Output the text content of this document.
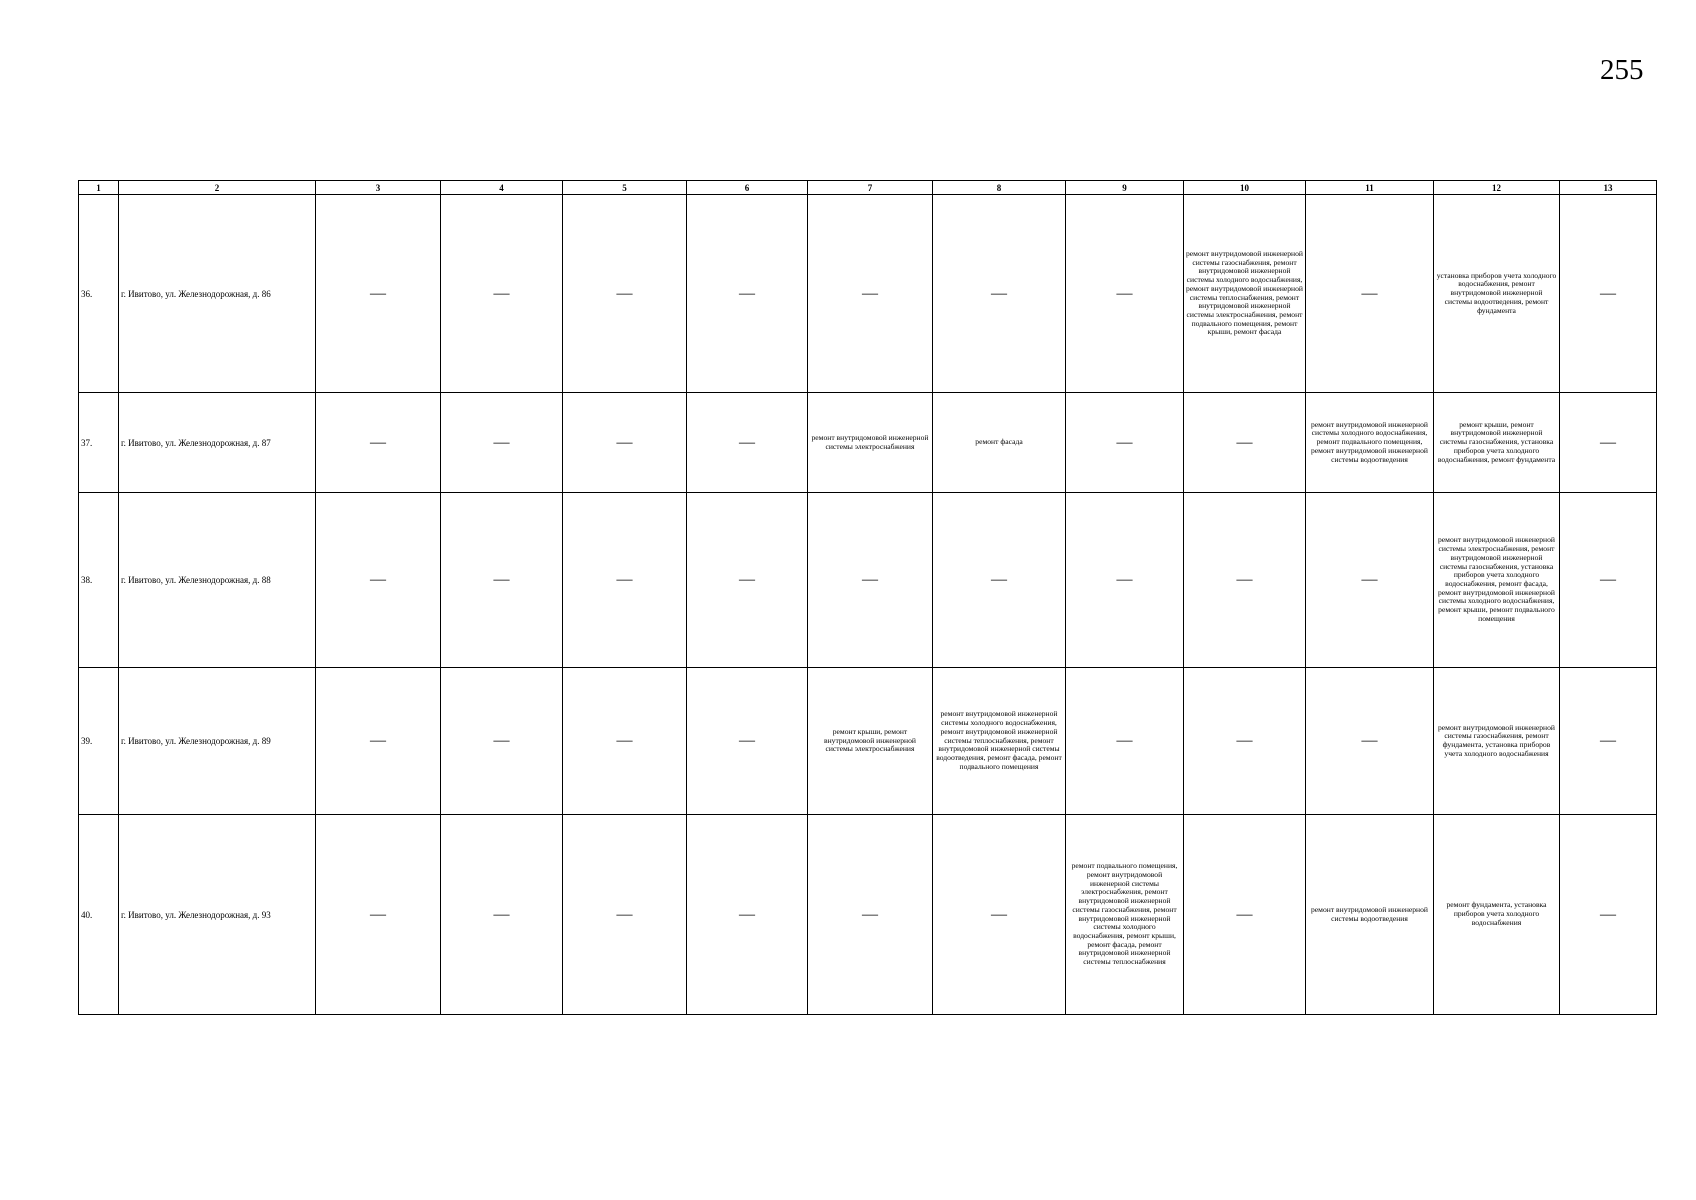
255
1	2	3	4	5	6	7	8	9	10	11	12	13
36.	г. Ивитово, ул. Железнодорожная, д. 86	—	—	—	—	—	—	—	ремонт внутридомовой инженерной системы газоснабжения, ремонт внутридомовой инженерной системы холодного водоснабжения, ремонт внутридомовой инженерной системы теплоснабжения, ремонт внутридомовой инженерной системы электроснабжения, ремонт подвального помещения, ремонт крыши, ремонт фасада	—	установка приборов учета холодного водоснабжения, ремонт внутридомовой инженерной системы водоотведения, ремонт фундамента	—
37.	г. Ивитово, ул. Железнодорожная, д. 87	—	—	—	—	ремонт внутридомовой инженерной системы электроснабжения	ремонт фасада	—	—	ремонт внутридомовой инженерной системы холодного водоснабжения, ремонт подвального помещения, ремонт внутридомовой инженерной системы водоотведения	ремонт крыши, ремонт внутридомовой инженерной системы газоснабжения, установка приборов учета холодного водоснабжения, ремонт фундамента	—
38.	г. Ивитово, ул. Железнодорожная, д. 88	—	—	—	—	—	—	—	—	—	ремонт внутридомовой инженерной системы электроснабжения, ремонт внутридомовой инженерной системы газоснабжения, установка приборов учета холодного водоснабжения, ремонт фасада, ремонт внутридомовой инженерной системы холодного водоснабжения, ремонт крыши, ремонт подвального помещения	—
39.	г. Ивитово, ул. Железнодорожная, д. 89	—	—	—	—	ремонт крыши, ремонт внутридомовой инженерной системы электроснабжения	ремонт внутридомовой инженерной системы холодного водоснабжения, ремонт внутридомовой инженерной системы теплоснабжения, ремонт внутридомовой инженерной системы водоотведения, ремонт фасада, ремонт подвального помещения	—	—	—	ремонт внутридомовой инженерной системы газоснабжения, ремонт фундамента, установка приборов учета холодного водоснабжения	—
40.	г. Ивитово, ул. Железнодорожная, д. 93	—	—	—	—	—	—	ремонт подвального помещения, ремонт внутридомовой инженерной системы электроснабжения, ремонт внутридомовой инженерной системы газоснабжения, ремонт внутридомовой инженерной системы холодного водоснабжения, ремонт крыши, ремонт фасада, ремонт внутридомовой инженерной системы теплоснабжения	—	ремонт внутридомовой инженерной системы водоотведения	ремонт фундамента, установка приборов учета холодного водоснабжения	—
